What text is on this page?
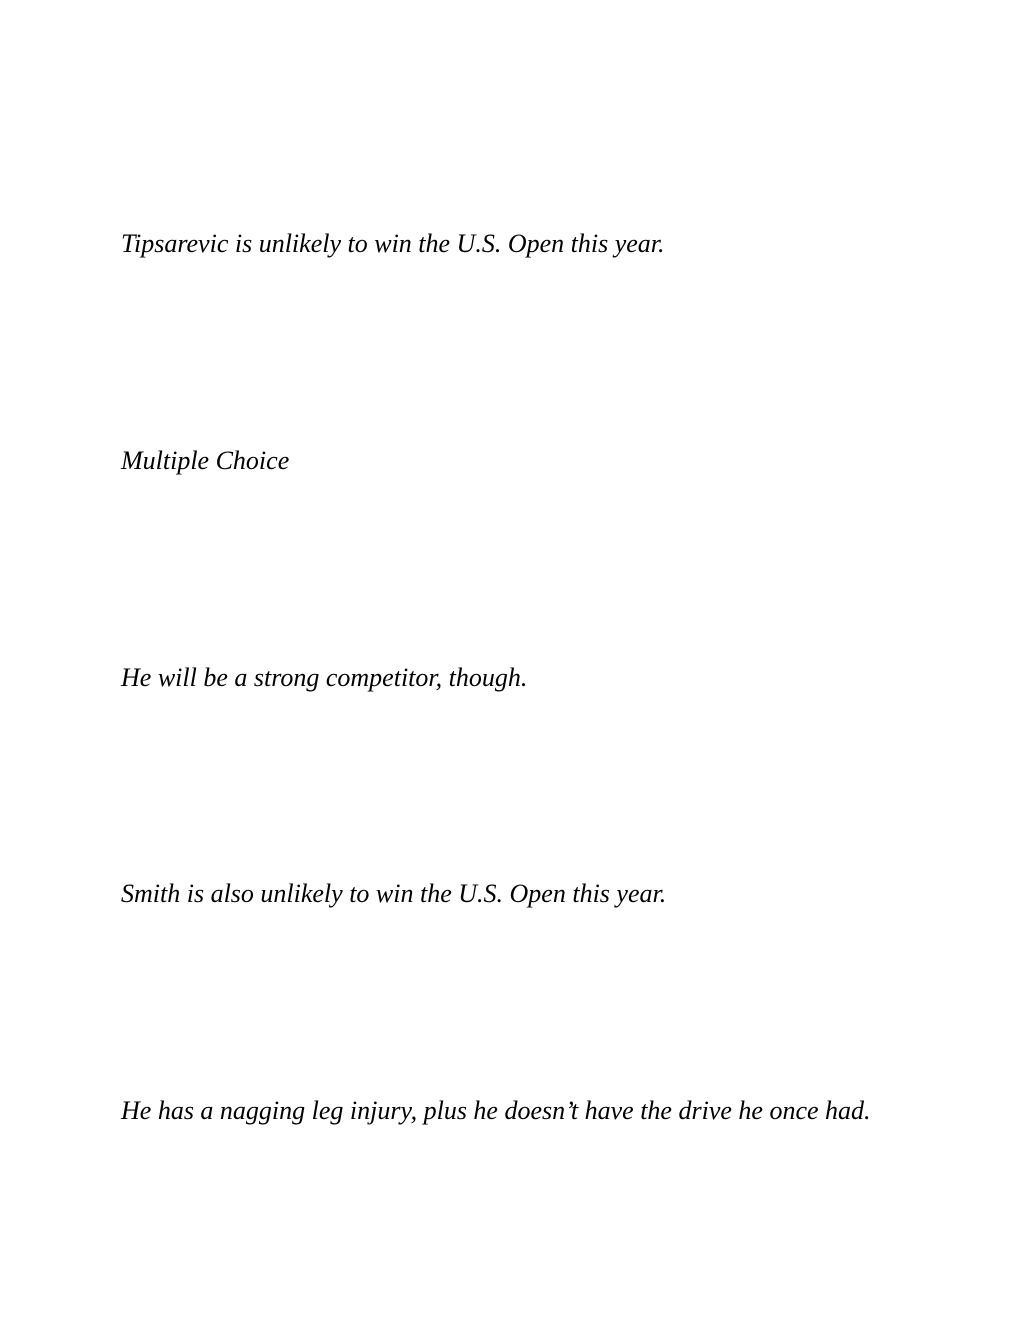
Tipsarevic is unlikely to win the U.S. Open this year.

Multiple Choice

He will be a strong competitor, though.

Smith is also unlikely to win the U.S. Open this year.

He has a nagging leg injury, plus he doesn’t have the drive he once had.
